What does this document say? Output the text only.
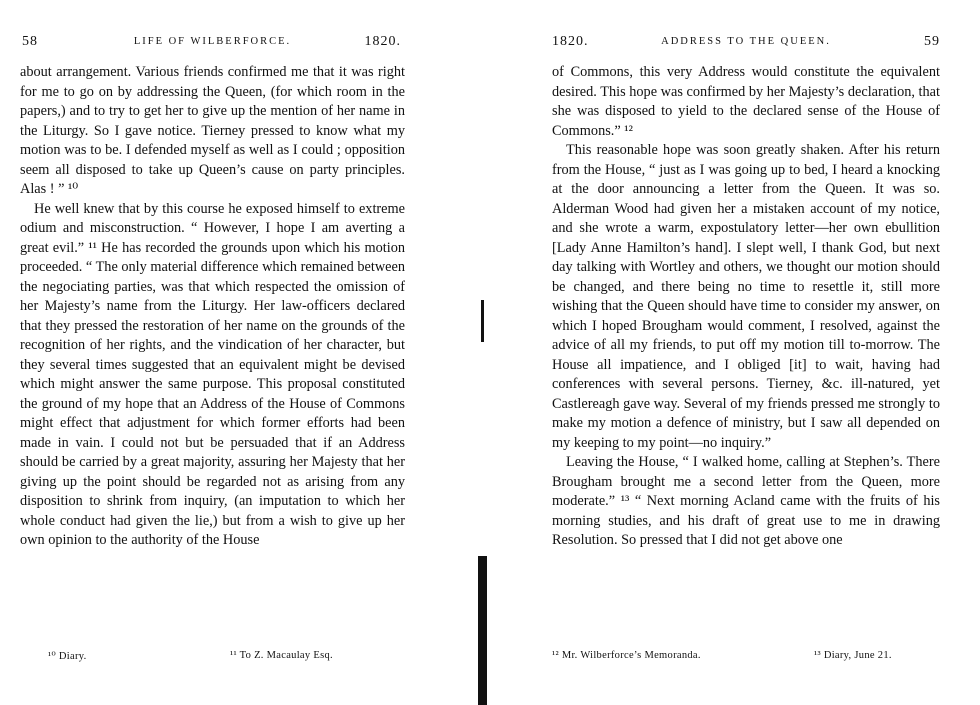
58	LIFE OF WILBERFORCE.	1820.

about arrangement. Various friends confirmed me that it was right for me to go on by addressing the Queen, (for which room in the papers,) and to try to get her to give up the mention of her name in the Liturgy. So I gave notice. Tierney pressed to know what my motion was to be. I defended myself as well as I could ; opposition seem all disposed to take up Queen’s cause on party principles. Alas ! ” ¹⁰

He well knew that by this course he exposed himself to extreme odium and misconstruction. “ However, I hope I am averting a great evil.” ¹¹ He has recorded the grounds upon which his motion proceeded. “ The only material difference which remained between the negociating parties, was that which respected the omission of her Majesty’s name from the Liturgy. Her law-officers declared that they pressed the restoration of her name on the grounds of the recognition of her rights, and the vindication of her character, but they several times suggested that an equivalent might be devised which might answer the same purpose. This proposal constituted the ground of my hope that an Address of the House of Commons might effect that adjustment for which former efforts had been made in vain. I could not but be persuaded that if an Address should be carried by a great majority, assuring her Majesty that her giving up the point should be regarded not as arising from any disposition to shrink from inquiry, (an imputation to which her whole conduct had given the lie,) but from a wish to give up her own opinion to the authority of the House

¹⁰ Diary.	¹¹ To Z. Macaulay Esq.
1820.	ADDRESS TO THE QUEEN.	59

of Commons, this very Address would constitute the equivalent desired. This hope was confirmed by her Majesty’s declaration, that she was disposed to yield to the declared sense of the House of Commons.” ¹²

This reasonable hope was soon greatly shaken. After his return from the House, “ just as I was going up to bed, I heard a knocking at the door announcing a letter from the Queen. It was so. Alderman Wood had given her a mistaken account of my notice, and she wrote a warm, expostulatory letter—her own ebullition [Lady Anne Hamilton’s hand]. I slept well, I thank God, but next day talking with Wortley and others, we thought our motion should be changed, and there being no time to resettle it, still more wishing that the Queen should have time to consider my answer, on which I hoped Brougham would comment, I resolved, against the advice of all my friends, to put off my motion till to-morrow. The House all impatience, and I obliged [it] to wait, having had conferences with several persons. Tierney, &c. ill-natured, yet Castlereagh gave way. Several of my friends pressed me strongly to make my motion a defence of ministry, but I saw all depended on my keeping to my point—no inquiry.”

Leaving the House, “ I walked home, calling at Stephen’s. There Brougham brought me a second letter from the Queen, more moderate.” ¹³ “ Next morning Acland came with the fruits of his morning studies, and his draft of great use to me in drawing Resolution. So pressed that I did not get above one

¹² Mr. Wilberforce’s Memoranda.	¹³ Diary, June 21.
